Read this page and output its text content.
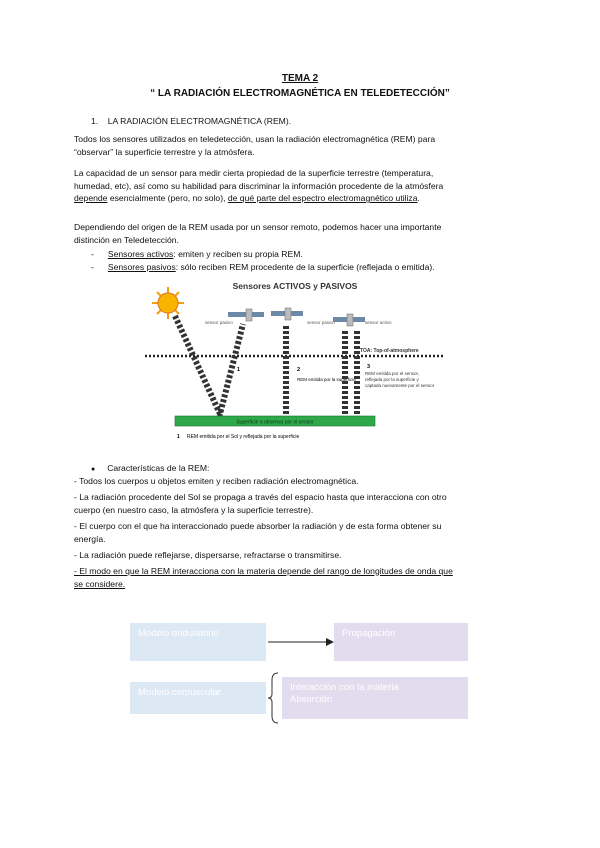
TEMA 2
“ LA RADIACIÓN ELECTROMAGNÉTICA EN TELEDETECCIÓN”
1. LA RADIACIÓN ELECTROMAGNÉTICA (REM).
Todos los sensores utilizados en teledetección, usan la radiación electromagnética (REM) para
“observar” la superficie terrestre y la atmósfera.
La capacidad de un sensor para medir cierta propiedad de la superficie terrestre (temperatura,
humedad, etc), así como su habilidad para discriminar la información procedente de la atmósfera
depende esencialmente (pero, no solo), de qué parte del espectro electromagnético utiliza.
Dependiendo del origen de la REM usada por un sensor remoto, podemos hacer una importante
distinción en Teledetección.
- Sensores activos: emiten y reciben su propia REM.
- Sensores pasivos: sólo reciben REM procedente de la superficie (reflejada o emitida).
Sensores ACTIVOS y PASIVOS
sensor pasivo	sensor pasivo	sensor activo
TOA: Top-of-atmosphere
1	2
REM emitida por la superficie
3
REM emitida por el sensor, reflejada por la superficie y captada nuevamente por el sensor
Superficie a observar por el sensor
1 REM emitida por el Sol y reflejada por la superficie
● Características de la REM:
- Todos los cuerpos u objetos emiten y reciben radiación electromagnética.
- La radiación procedente del Sol se propaga a través del espacio hasta que interacciona con otro
cuerpo (en nuestro caso, la atmósfera y la superficie terrestre).
- El cuerpo con el que ha interaccionado puede absorber la radiación y de esta forma obtener su
energía.
- La radiación puede reflejarse, dispersarse, refractarse o transmitirse.
- El modo en que la REM interacciona con la materia depende del rango de longitudes de onda que
se considere.
Modelo ondulatorio	Propagación
Modelo corpuscular	Interacción con la materia
Absorción
